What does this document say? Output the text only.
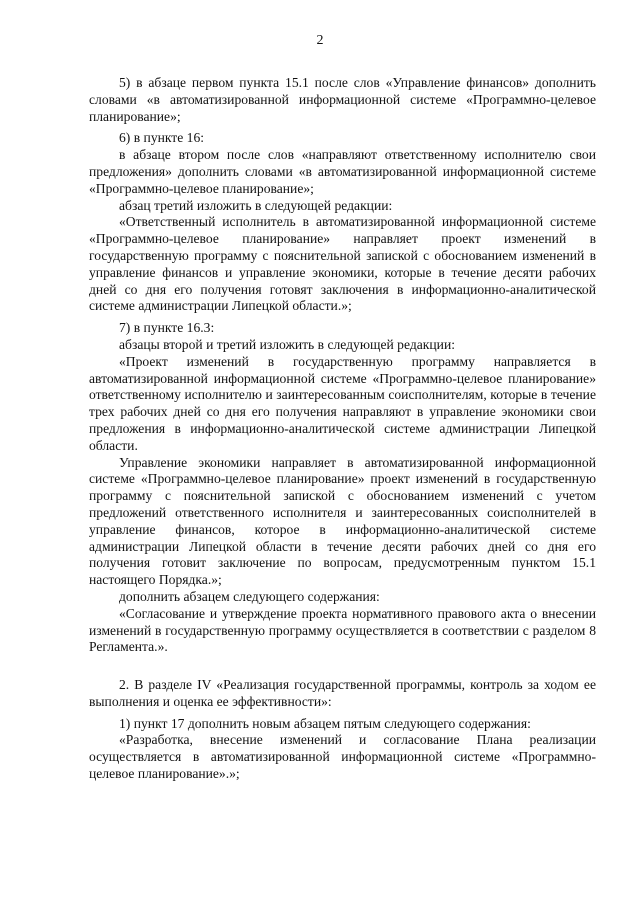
2

5) в абзаце первом пункта 15.1 после слов «Управление финансов» дополнить словами «в автоматизированной информационной системе «Программно-целевое планирование»;

6) в пункте 16:

в абзаце втором после слов «направляют ответственному исполнителю свои предложения» дополнить словами «в автоматизированной информационной системе «Программно-целевое планирование»;

абзац третий изложить в следующей редакции:

«Ответственный исполнитель в автоматизированной информационной системе «Программно-целевое планирование» направляет проект изменений в государственную программу с пояснительной запиской с обоснованием изменений в управление финансов и управление экономики, которые в течение десяти рабочих дней со дня его получения готовят заключения в информационно-аналитической системе администрации Липецкой области.»;

7) в пункте 16.3:

абзацы второй и третий изложить в следующей редакции:

«Проект изменений в государственную программу направляется в автоматизированной информационной системе «Программно-целевое планирование» ответственному исполнителю и заинтересованным соисполнителям, которые в течение трех рабочих дней со дня его получения направляют в управление экономики свои предложения в информационно-аналитической системе администрации Липецкой области.

Управление экономики направляет в автоматизированной информационной системе «Программно-целевое планирование» проект изменений в государственную программу с пояснительной запиской с обоснованием изменений с учетом предложений ответственного исполнителя и заинтересованных соисполнителей в управление финансов, которое в информационно-аналитической системе администрации Липецкой области в течение десяти рабочих дней со дня его получения готовит заключение по вопросам, предусмотренным пунктом 15.1 настоящего Порядка.»;

дополнить абзацем следующего содержания:

«Согласование и утверждение проекта нормативного правового акта о внесении изменений в государственную программу осуществляется в соответствии с разделом 8 Регламента.».

2. В разделе IV «Реализация государственной программы, контроль за ходом ее выполнения и оценка ее эффективности»:

1) пункт 17 дополнить новым абзацем пятым следующего содержания:

«Разработка, внесение изменений и согласование Плана реализации осуществляется в автоматизированной информационной системе «Программно-целевое планирование».»;
